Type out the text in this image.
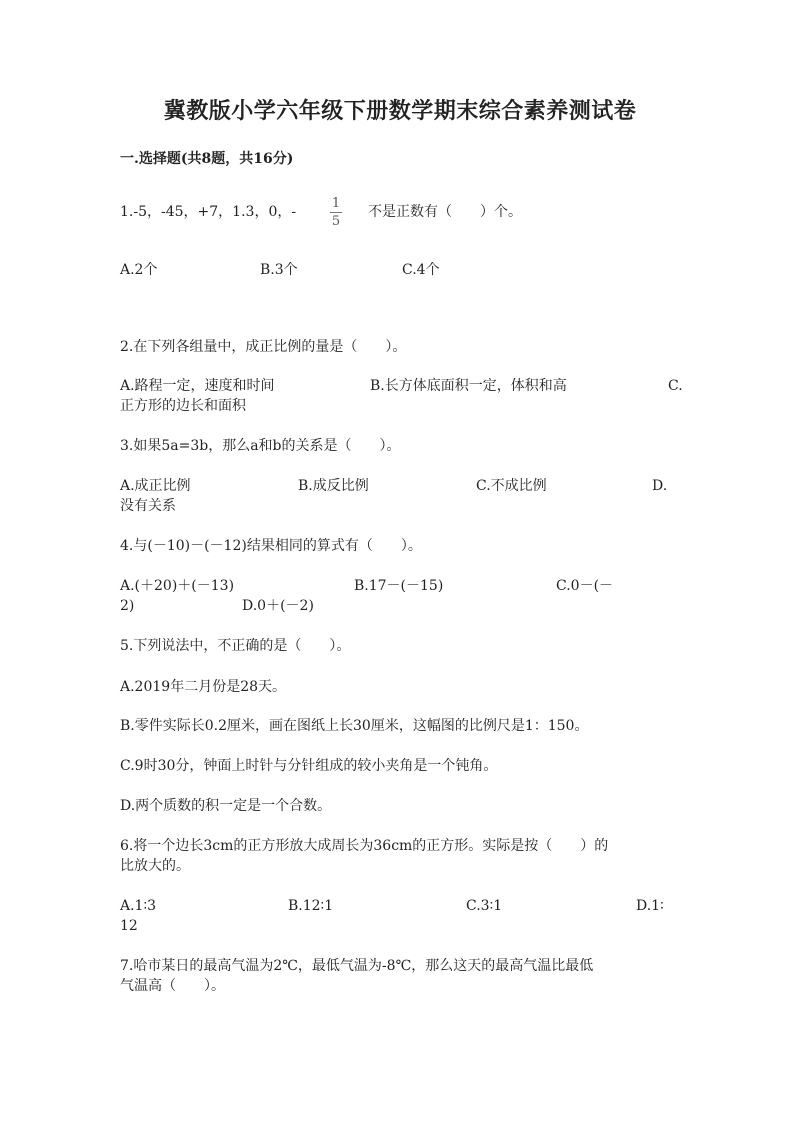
冀教版小学六年级下册数学期末综合素养测试卷
一.选择题(共8题，共16分)
1.-5，-45，+7，1.3，0，-
1
5
不是正数有（　　）个。
A.2个	B.3个	C.4个
2.在下列各组量中，成正比例的量是（　　）。
A.路程一定，速度和时间	B.长方体底面积一定，体积和高	C.
正方形的边长和面积
3.如果5a=3b，那么a和b的关系是（　　）。
A.成正比例	B.成反比例	C.不成比例	D.
没有关系
4.与(－10)－(－12)结果相同的算式有（　　）。
A.(＋20)＋(－13)	B.17－(－15)	C.0－(－
2)	D.0＋(－2)
5.下列说法中，不正确的是（　　）。
A.2019年二月份是28天。
B.零件实际长0.2厘米，画在图纸上长30厘米，这幅图的比例尺是1：150。
C.9时30分，钟面上时针与分针组成的较小夹角是一个钝角。
D.两个质数的积一定是一个合数。
6.将一个边长3cm的正方形放大成周长为36cm的正方形。实际是按（　　）的
比放大的。
A.1∶3	B.12∶1	C.3∶1	D.1∶
12
7.哈市某日的最高气温为2℃，最低气温为-8℃，那么这天的最高气温比最低
气温高（　　）。
